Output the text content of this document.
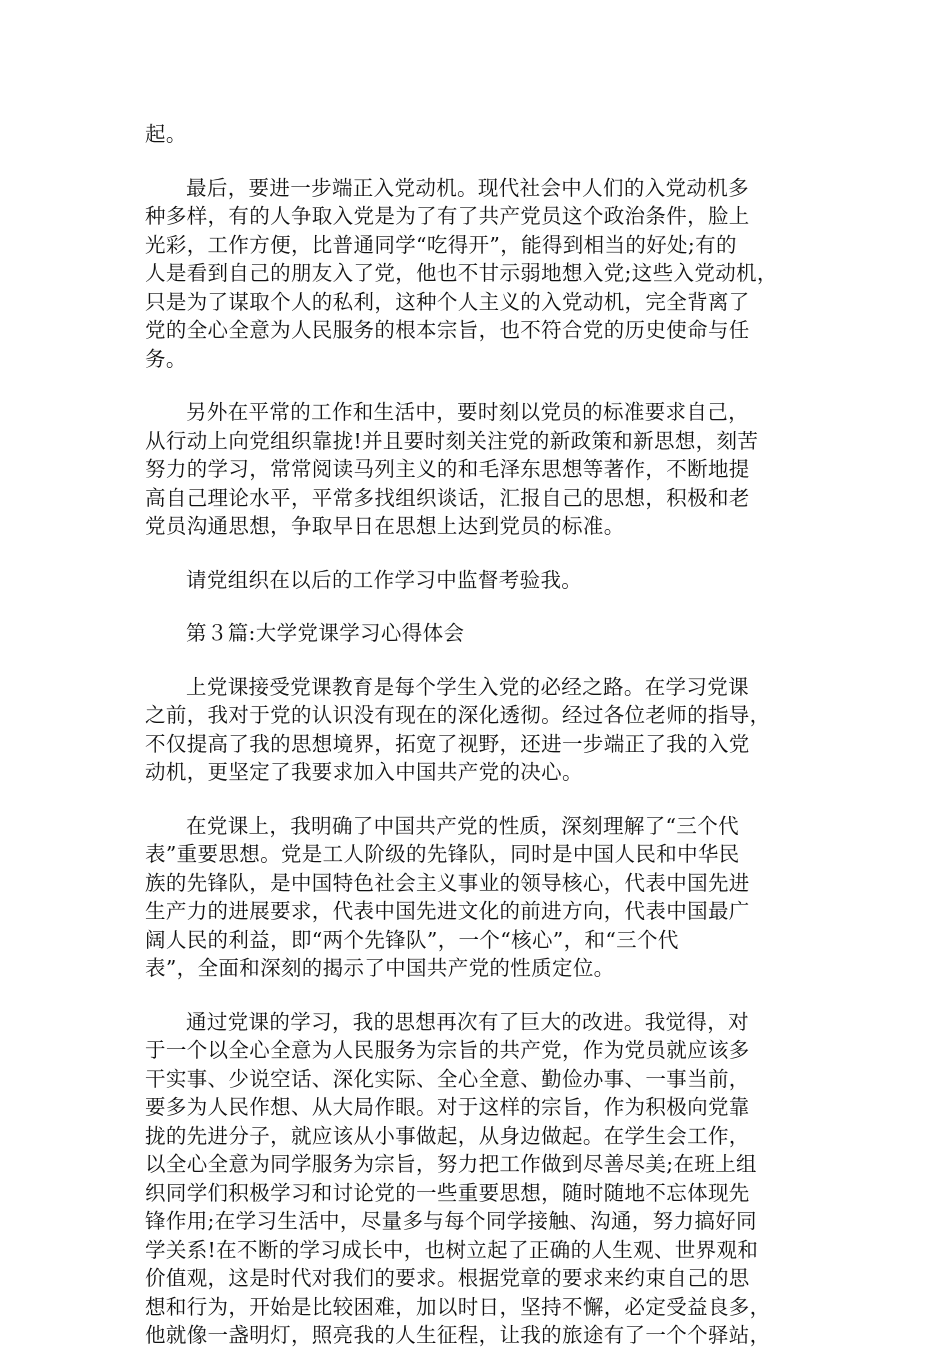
起。
最后，要进一步端正入党动机。现代社会中人们的入党动机多
种多样，有的人争取入党是为了有了共产党员这个政治条件，脸上
光彩，工作方便，比普通同学“吃得开”，能得到相当的好处;有的
人是看到自己的朋友入了党，他也不甘示弱地想入党;这些入党动机，
只是为了谋取个人的私利，这种个人主义的入党动机，完全背离了
党的全心全意为人民服务的根本宗旨，也不符合党的历史使命与任
务。
另外在平常的工作和生活中，要时刻以党员的标准要求自己，
从行动上向党组织靠拢!并且要时刻关注党的新政策和新思想，刻苦
努力的学习，常常阅读马列主义的和毛泽东思想等著作，不断地提
高自己理论水平，平常多找组织谈话，汇报自己的思想，积极和老
党员沟通思想，争取早日在思想上达到党员的标准。
请党组织在以后的工作学习中监督考验我。
第３篇:大学党课学习心得体会
上党课接受党课教育是每个学生入党的必经之路。在学习党课
之前，我对于党的认识没有现在的深化透彻。经过各位老师的指导，
不仅提高了我的思想境界，拓宽了视野，还进一步端正了我的入党
动机，更坚定了我要求加入中国共产党的决心。
在党课上，我明确了中国共产党的性质，深刻理解了“三个代
表”重要思想。党是工人阶级的先锋队，同时是中国人民和中华民
族的先锋队，是中国特色社会主义事业的领导核心，代表中国先进
生产力的进展要求，代表中国先进文化的前进方向，代表中国最广
阔人民的利益，即“两个先锋队”，一个“核心”，和“三个代
表”，全面和深刻的揭示了中国共产党的性质定位。
通过党课的学习，我的思想再次有了巨大的改进。我觉得，对
于一个以全心全意为人民服务为宗旨的共产党，作为党员就应该多
干实事、少说空话、深化实际、全心全意、勤俭办事、一事当前，
要多为人民作想、从大局作眼。对于这样的宗旨，作为积极向党靠
拢的先进分子，就应该从小事做起，从身边做起。在学生会工作，
以全心全意为同学服务为宗旨，努力把工作做到尽善尽美;在班上组
织同学们积极学习和讨论党的一些重要思想，随时随地不忘体现先
锋作用;在学习生活中，尽量多与每个同学接触、沟通，努力搞好同
学关系!在不断的学习成长中，也树立起了正确的人生观、世界观和
价值观，这是时代对我们的要求。根据党章的要求来约束自己的思
想和行为，开始是比较困难，加以时日，坚持不懈，必定受益良多，
他就像一盏明灯，照亮我的人生征程，让我的旅途有了一个个驿站，
